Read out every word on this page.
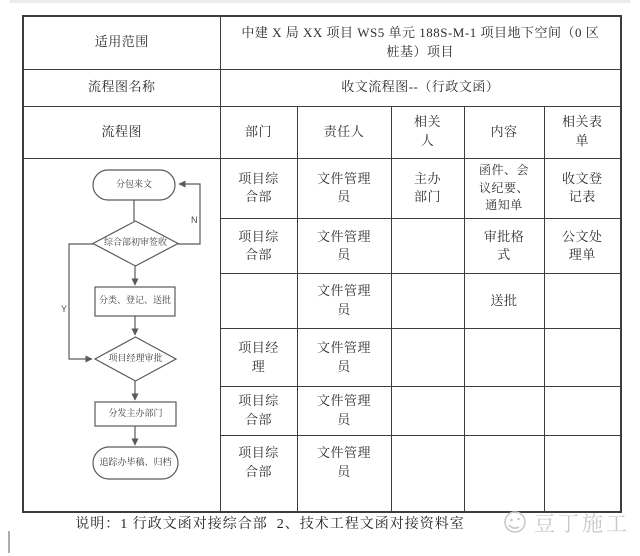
适用范围	中建 X 局 XX 项目 WS5 单元 188S-M-1 项目地下空间（0 区桩基）项目				
流程图名称	收文流程图--（行政文函）				
流程图	部门	责任人	相关人	内容	相关表单

分包来文
综合部初审签收
分类、登记、送批
项目经理审批
分发主办部门
追踪办毕稿、归档
N
Y
	项目综合部	文件管理员	主办部门	函件、会议纪要、通知单	收文登记表
	项目综合部	文件管理员		审批格式	公文处理单
		文件管理员		送批	
	项目经理	文件管理员			
	项目综合部	文件管理员			
	项目综合部	文件管理员			
说明：1 行政文函对接综合部  2、技术工程文函对接资料室	豆丁施工
